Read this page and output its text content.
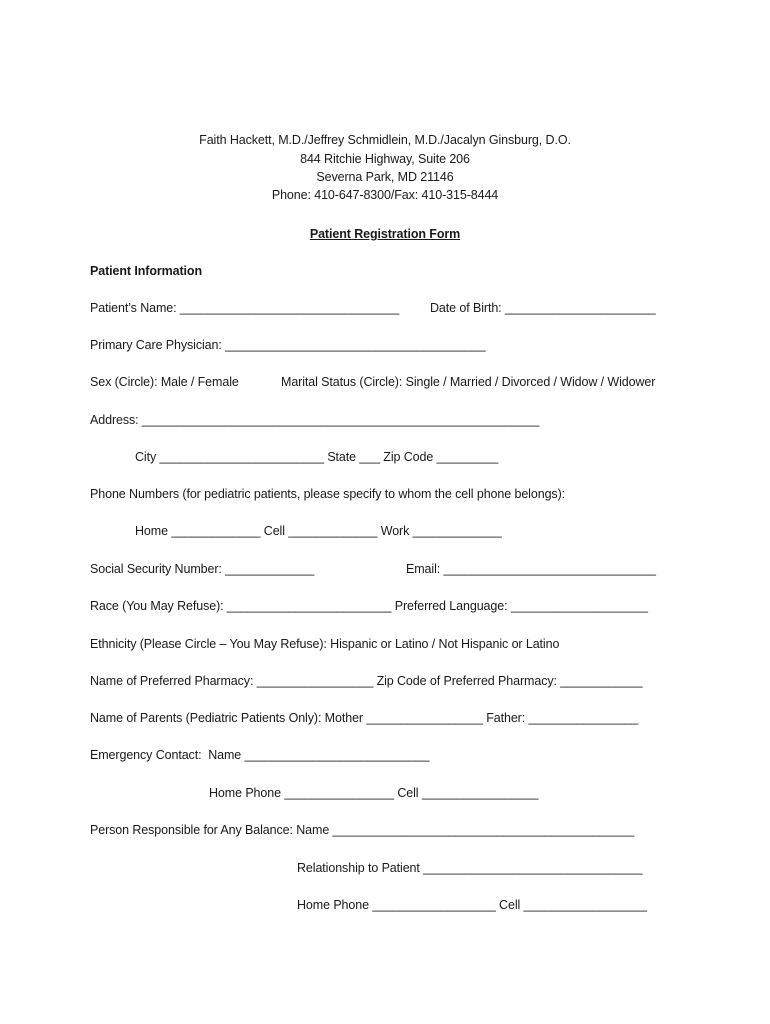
Faith Hackett, M.D./Jeffrey Schmidlein, M.D./Jacalyn Ginsburg, D.O.
844 Ritchie Highway, Suite 206
Severna Park, MD 21146
Phone: 410-647-8300/Fax: 410-315-8444
Patient Registration Form
Patient Information
Patient’s Name: ________________________________ Date of Birth: ______________________
Primary Care Physician: ______________________________________
Sex (Circle): Male / Female	Marital Status (Circle): Single / Married / Divorced / Widow / Widower
Address: __________________________________________________________
City ________________________ State ___ Zip Code _________
Phone Numbers (for pediatric patients, please specify to whom the cell phone belongs):
Home _____________ Cell _____________ Work _____________
Social Security Number: _____________	Email: _______________________________
Race (You May Refuse): ________________________ Preferred Language: ____________________
Ethnicity (Please Circle – You May Refuse): Hispanic or Latino / Not Hispanic or Latino
Name of Preferred Pharmacy: _________________ Zip Code of Preferred Pharmacy: ____________
Name of Parents (Pediatric Patients Only): Mother _________________ Father: ________________
Emergency Contact:  Name ___________________________
Home Phone ________________ Cell _________________
Person Responsible for Any Balance: Name ____________________________________________
Relationship to Patient ________________________________
Home Phone __________________ Cell __________________
